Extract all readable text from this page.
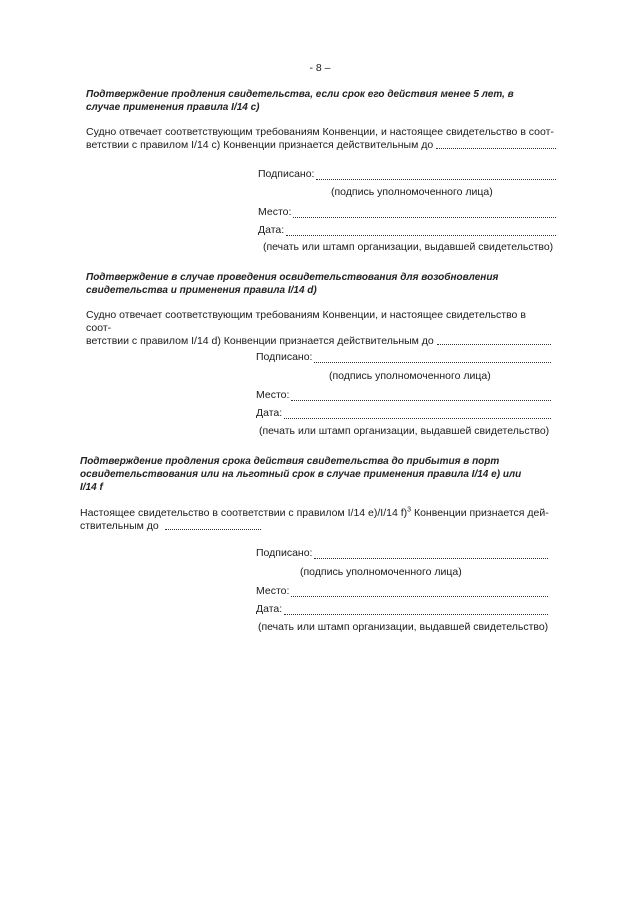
- 8 –

Подтверждение продления свидетельства, если срок его действия менее 5 лет, в случае применения правила I/14 c)

Судно отвечает соответствующим требованиям Конвенции, и настоящее свидетельство в соот-

ветствии с правилом I/14 c) Конвенции признается действительным до

Подписано:
(подпись уполномоченного лица)
Место:
Дата:
(печать или штамп организации, выдавшей свидетельство)

Подтверждение в случае проведения освидетельствования для возобновления свидетельства и применения правила I/14 d)

Судно отвечает соответствующим требованиям Конвенции, и настоящее свидетельство в соот-

ветствии с правилом I/14 d) Конвенции признается действительным до

Подписано:
(подпись уполномоченного лица)
Место:
Дата:
(печать или штамп организации, выдавшей свидетельство)

Подтверждение продления срока действия свидетельства до прибытия в порт освидетельствования или на льготный срок в случае применения правила I/14 e) или I/14 f

Настоящее свидетельство в соответствии с правилом I/14 e)/I/14 f)$^3$ Конвенции признается дей-

ствительным до

Подписано:
(подпись уполномоченного лица)
Место:
Дата:
(печать или штамп организации, выдавшей свидетельство)
